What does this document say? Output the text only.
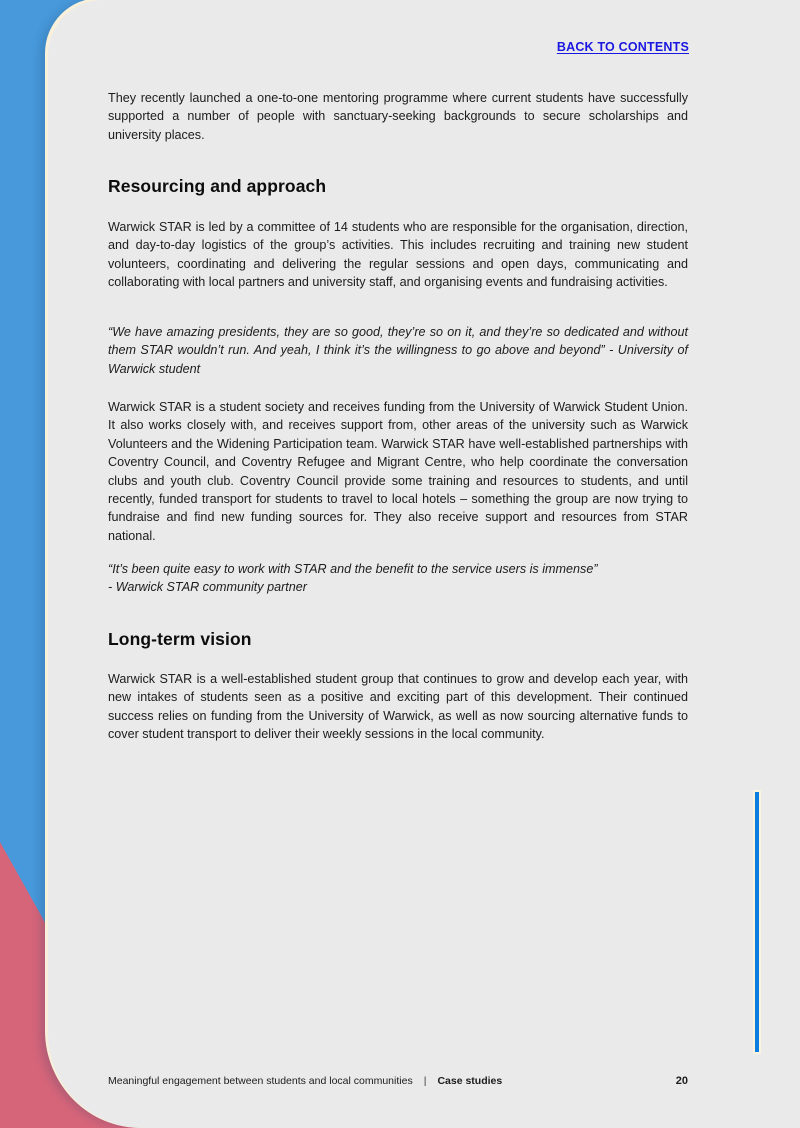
BACK TO CONTENTS

They recently launched a one-to-one mentoring programme where current students have successfully supported a number of people with sanctuary-seeking backgrounds to secure scholarships and university places.

Resourcing and approach

Warwick STAR is led by a committee of 14 students who are responsible for the organisation, direction, and day-to-day logistics of the group’s activities. This includes recruiting and training new student volunteers, coordinating and delivering the regular sessions and open days, communicating and collaborating with local partners and university staff, and organising events and fundraising activities.

“We have amazing presidents, they are so good, they’re so on it, and they’re so dedicated and without them STAR wouldn’t run. And yeah, I think it’s the willingness to go above and beyond” - University of Warwick student

Warwick STAR is a student society and receives funding from the University of Warwick Student Union. It also works closely with, and receives support from, other areas of the university such as Warwick Volunteers and the Widening Participation team. Warwick STAR have well-established partnerships with Coventry Council, and Coventry Refugee and Migrant Centre, who help coordinate the conversation clubs and youth club. Coventry Council provide some training and resources to students, and until recently, funded transport for students to travel to local hotels – something the group are now trying to fundraise and find new funding sources for. They also receive support and resources from STAR national.

“It’s been quite easy to work with STAR and the benefit to the service users is immense”
- Warwick STAR community partner

Long-term vision

Warwick STAR is a well-established student group that continues to grow and develop each year, with new intakes of students seen as a positive and exciting part of this development. Their continued success relies on funding from the University of Warwick, as well as now sourcing alternative funds to cover student transport to deliver their weekly sessions in the local community.

Meaningful engagement between students and local communities | Case studies	20
